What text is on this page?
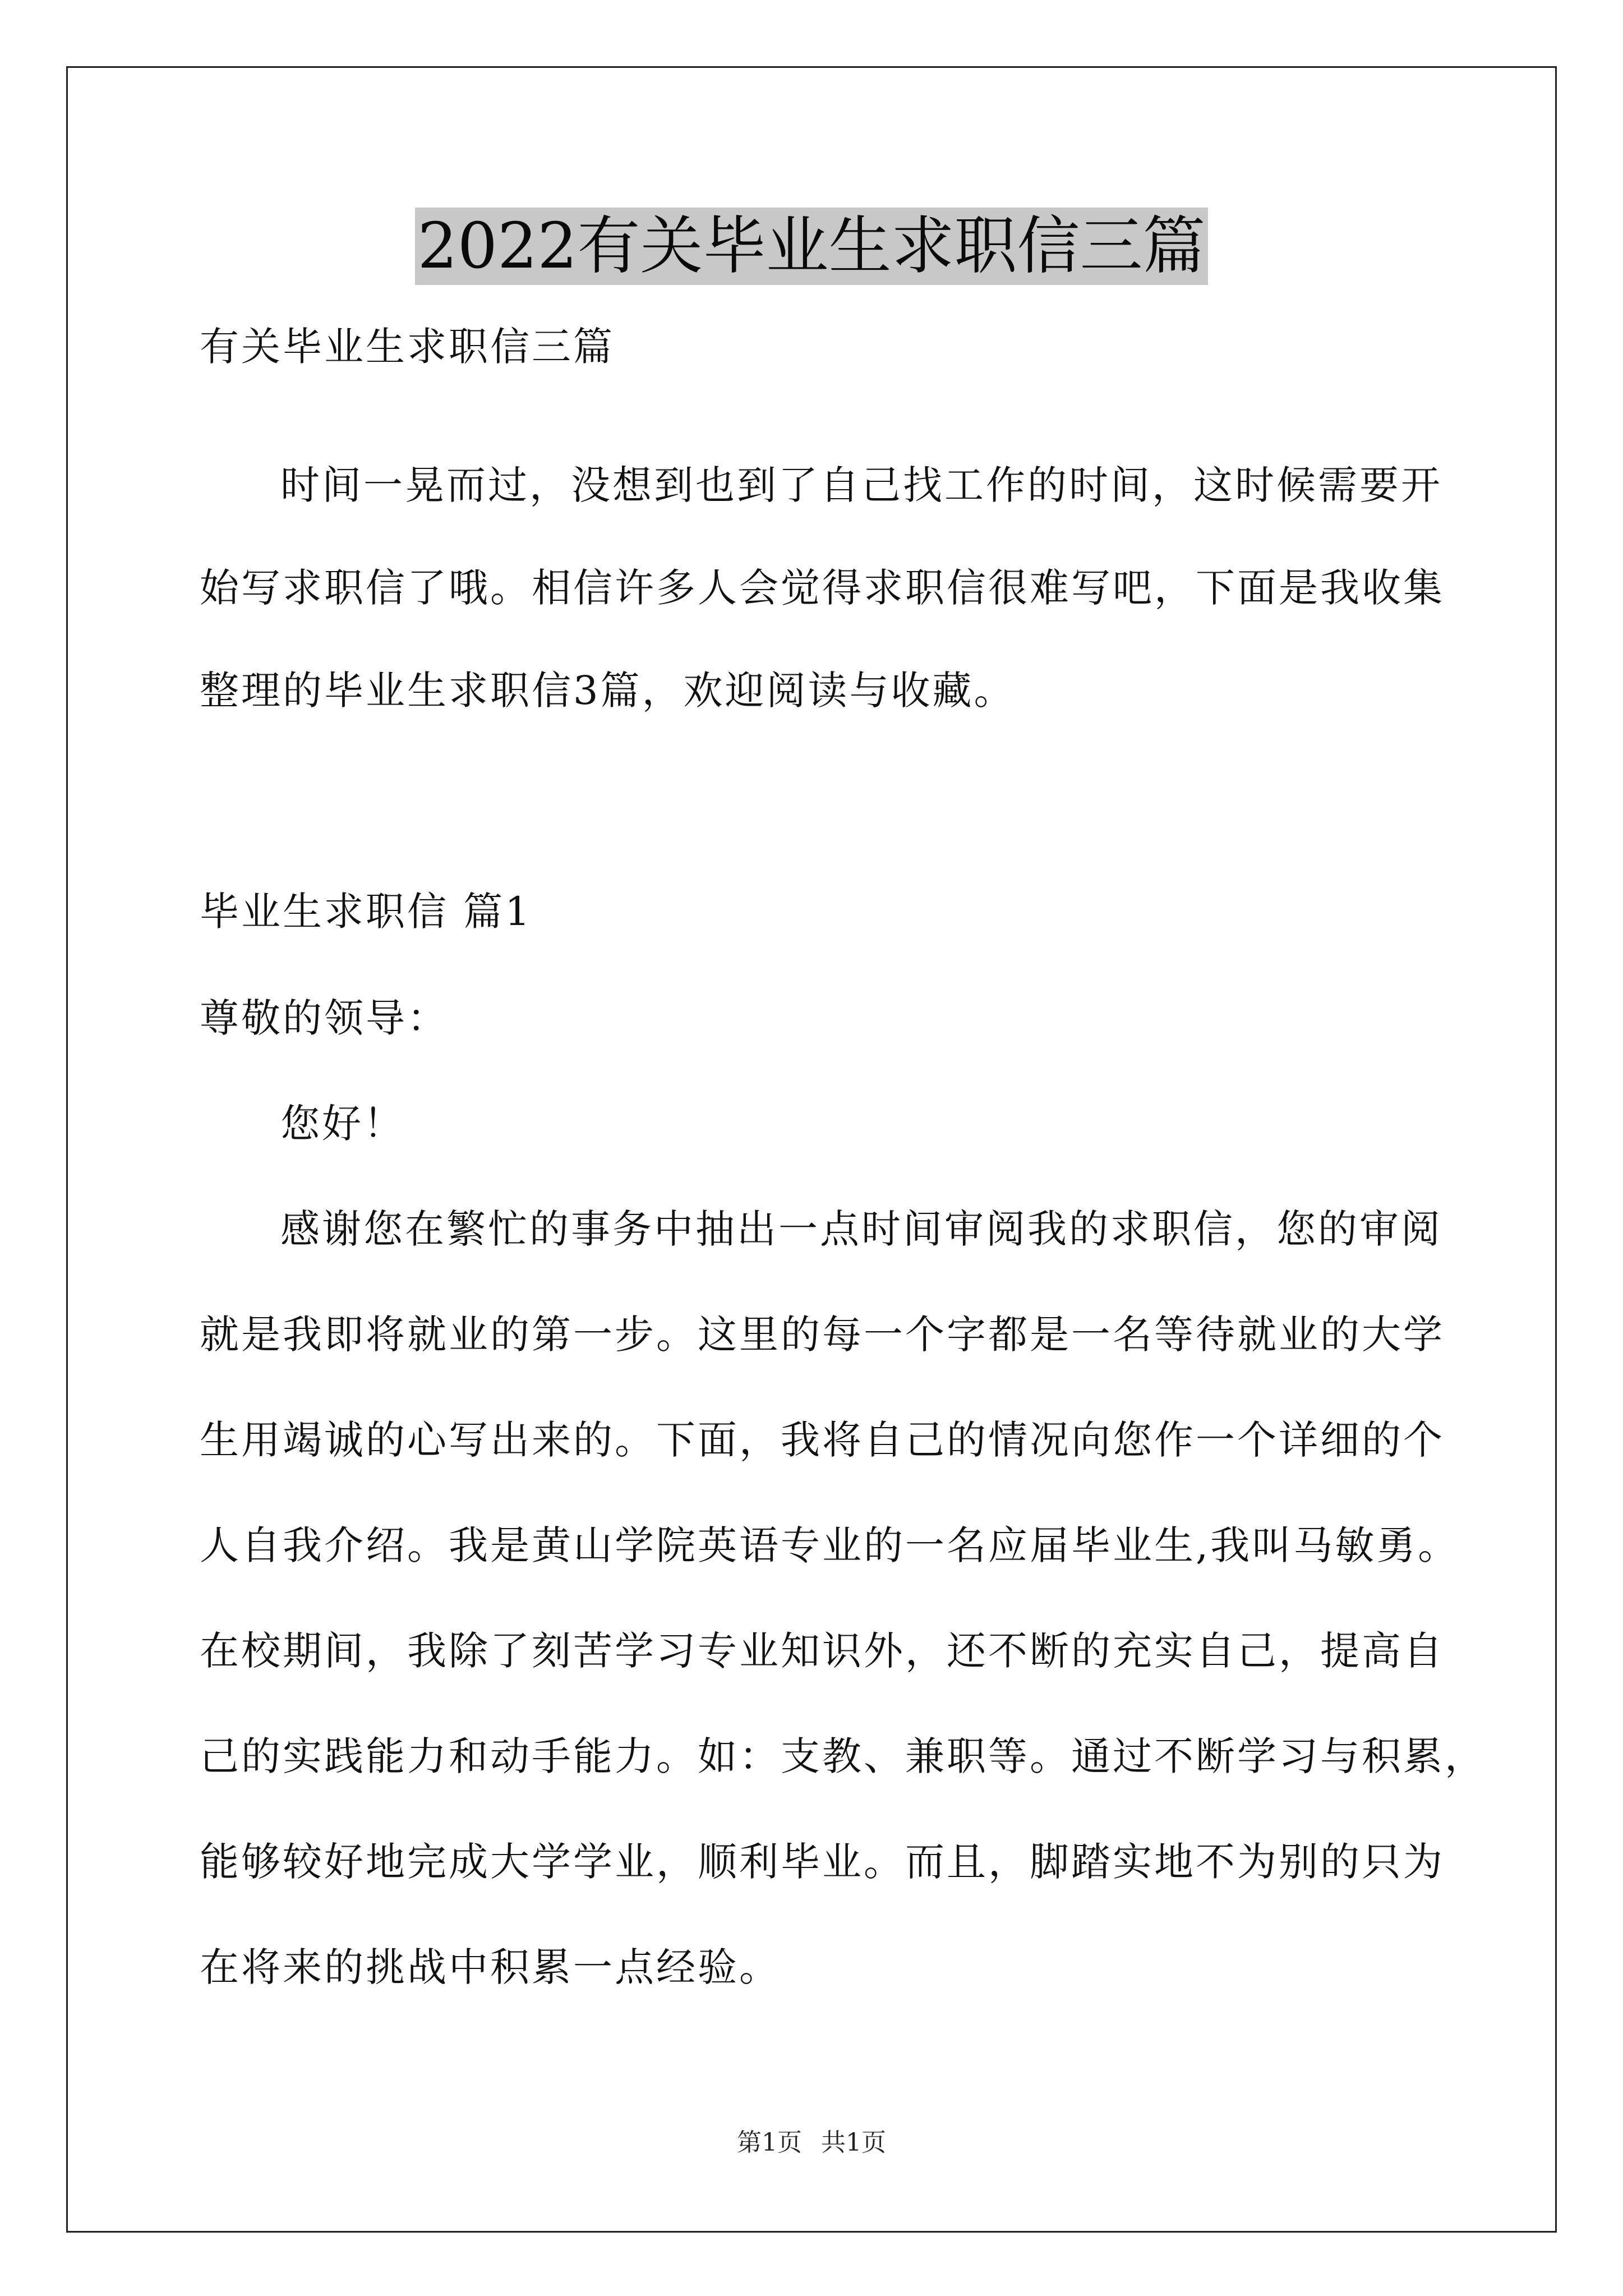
2022有关毕业生求职信三篇
有关毕业生求职信三篇
时间一晃而过，没想到也到了自己找工作的时间，这时候需要开
始写求职信了哦。相信许多人会觉得求职信很难写吧，下面是我收集
整理的毕业生求职信3篇，欢迎阅读与收藏。
毕业生求职信 篇1
尊敬的领导：
您好！
感谢您在繁忙的事务中抽出一点时间审阅我的求职信，您的审阅
就是我即将就业的第一步。这里的每一个字都是一名等待就业的大学
生用竭诚的心写出来的。下面，我将自己的情况向您作一个详细的个
人自我介绍。我是黄山学院英语专业的一名应届毕业生,我叫马敏勇。
在校期间，我除了刻苦学习专业知识外，还不断的充实自己，提高自
己的实践能力和动手能力。如：支教、兼职等。通过不断学习与积累，
能够较好地完成大学学业，顺利毕业。而且，脚踏实地不为别的只为
在将来的挑战中积累一点经验。
第1页 共1页
